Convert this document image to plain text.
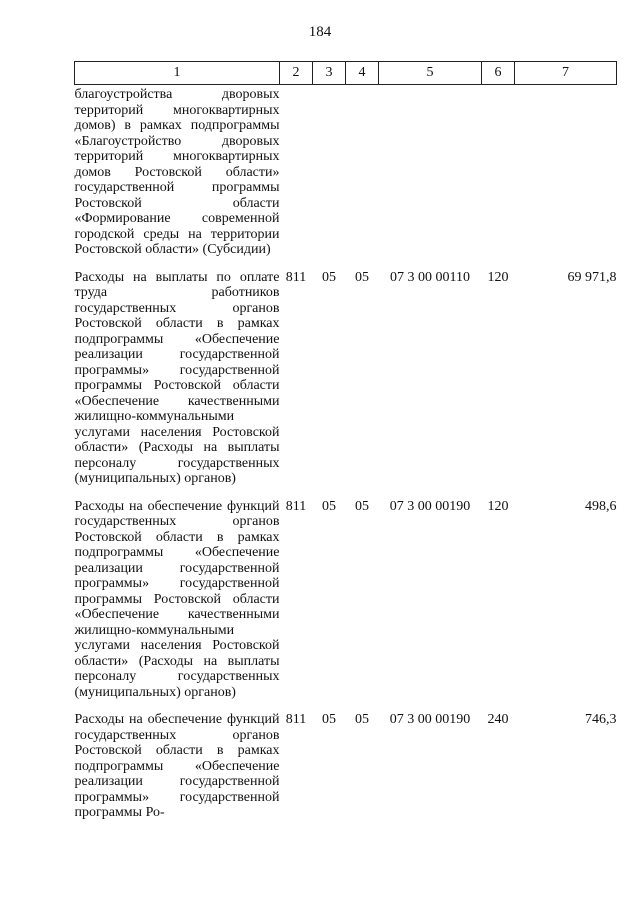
184
1	2	3	4	5	6	7
благоустройства дворовых территорий многоквартирных домов) в рамках подпрограммы «Благоустройство дворовых территорий многоквартирных домов Ростовской области» государственной программы Ростовской области «Формирование современной городской среды на территории Ростовской области» (Субсидии)						
Расходы на выплаты по оплате труда работников государственных органов Ростовской области в рамках подпрограммы «Обеспечение реализации государственной программы» государственной программы Ростовской области «Обеспечение качественными жилищно-коммунальными услугами населения Ростовской области» (Расходы на выплаты персоналу государственных (муниципальных) органов)	811	05	05	07 3 00 00110	120	69 971,8
Расходы на обеспечение функций государственных органов Ростовской области в рамках подпрограммы «Обеспечение реализации государственной программы» государственной программы Ростовской области «Обеспечение качественными жилищно-коммунальными услугами населения Ростовской области» (Расходы на выплаты персоналу государственных (муниципальных) органов)	811	05	05	07 3 00 00190	120	498,6
Расходы на обеспечение функций государственных органов Ростовской области в рамках подпрограммы «Обеспечение реализации государственной программы» государственной программы Ро-	811	05	05	07 3 00 00190	240	746,3
